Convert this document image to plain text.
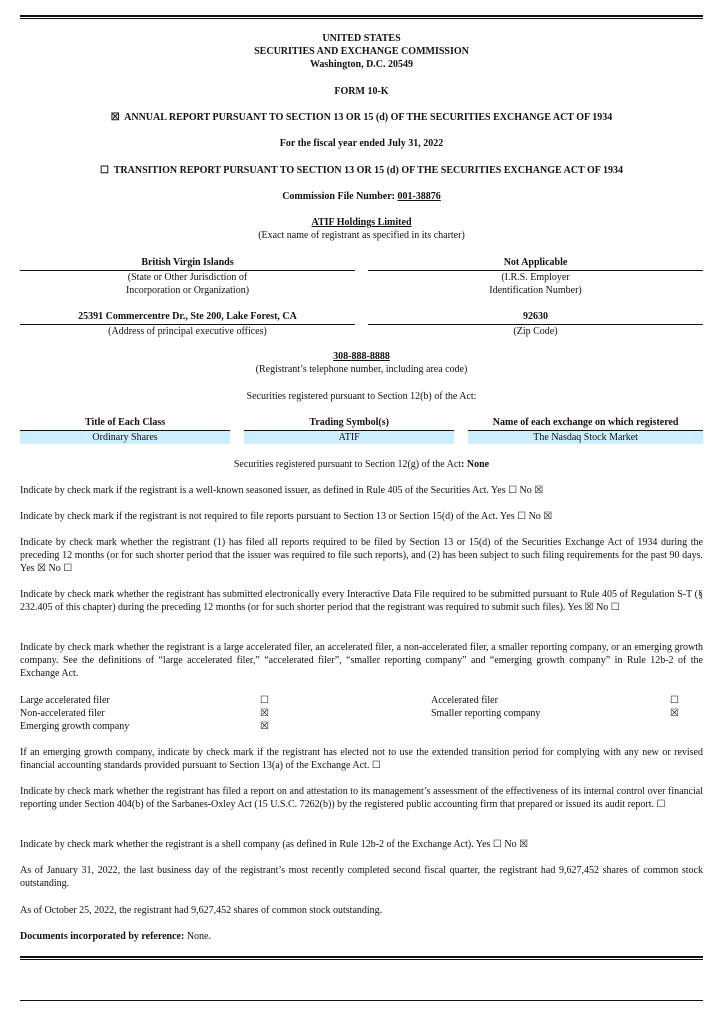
UNITED STATES
SECURITIES AND EXCHANGE COMMISSION
Washington, D.C. 20549
FORM 10-K
☒ ANNUAL REPORT PURSUANT TO SECTION 13 OR 15 (d) OF THE SECURITIES EXCHANGE ACT OF 1934
For the fiscal year ended July 31, 2022
☐ TRANSITION REPORT PURSUANT TO SECTION 13 OR 15 (d) OF THE SECURITIES EXCHANGE ACT OF 1934
Commission File Number: 001-38876
ATIF Holdings Limited
(Exact name of registrant as specified in its charter)
British Virgin Islands
(State or Other Jurisdiction of
Incorporation or Organization)
Not Applicable
(I.R.S. Employer
Identification Number)
25391 Commercentre Dr., Ste 200, Lake Forest, CA
(Address of principal executive offices)
92630
(Zip Code)
308-888-8888
(Registrant’s telephone number, including area code)
Securities registered pursuant to Section 12(b) of the Act:
Title of Each Class	Trading Symbol(s)	Name of each exchange on which registered
Ordinary Shares	ATIF	The Nasdaq Stock Market
Securities registered pursuant to Section 12(g) of the Act: None
Indicate by check mark if the registrant is a well-known seasoned issuer, as defined in Rule 405 of the Securities Act. Yes ☐ No ☒
Indicate by check mark if the registrant is not required to file reports pursuant to Section 13 or Section 15(d) of the Act. Yes ☐ No ☒
Indicate by check mark whether the registrant (1) has filed all reports required to be filed by Section 13 or 15(d) of the Securities Exchange Act of 1934 during the preceding 12 months (or for such shorter period that the issuer was required to file such reports), and (2) has been subject to such filing requirements for the past 90 days. Yes ☒ No ☐
Indicate by check mark whether the registrant has submitted electronically every Interactive Data File required to be submitted pursuant to Rule 405 of Regulation S-T (§ 232.405 of this chapter) during the preceding 12 months (or for such shorter period that the registrant was required to submit such files). Yes ☒ No ☐
Indicate by check mark whether the registrant is a large accelerated filer, an accelerated filer, a non-accelerated filer, a smaller reporting company, or an emerging growth company. See the definitions of “large accelerated filer,” “accelerated filer”, “smaller reporting company” and “emerging growth company” in Rule 12b-2 of the Exchange Act.
Large accelerated filer	☐	Accelerated filer	☐
Non-accelerated filer	☒	Smaller reporting company	☒
Emerging growth company	☒
If an emerging growth company, indicate by check mark if the registrant has elected not to use the extended transition period for complying with any new or revised financial accounting standards provided pursuant to Section 13(a) of the Exchange Act. ☐
Indicate by check mark whether the registrant has filed a report on and attestation to its management’s assessment of the effectiveness of its internal control over financial reporting under Section 404(b) of the Sarbanes-Oxley Act (15 U.S.C. 7262(b)) by the registered public accounting firm that prepared or issued its audit report. ☐
Indicate by check mark whether the registrant is a shell company (as defined in Rule 12b-2 of the Exchange Act). Yes ☐ No ☒
As of January 31, 2022, the last business day of the registrant’s most recently completed second fiscal quarter, the registrant had 9,627,452 shares of common stock outstanding.
As of October 25, 2022, the registrant had 9,627,452 shares of common stock outstanding.
Documents incorporated by reference: None.
